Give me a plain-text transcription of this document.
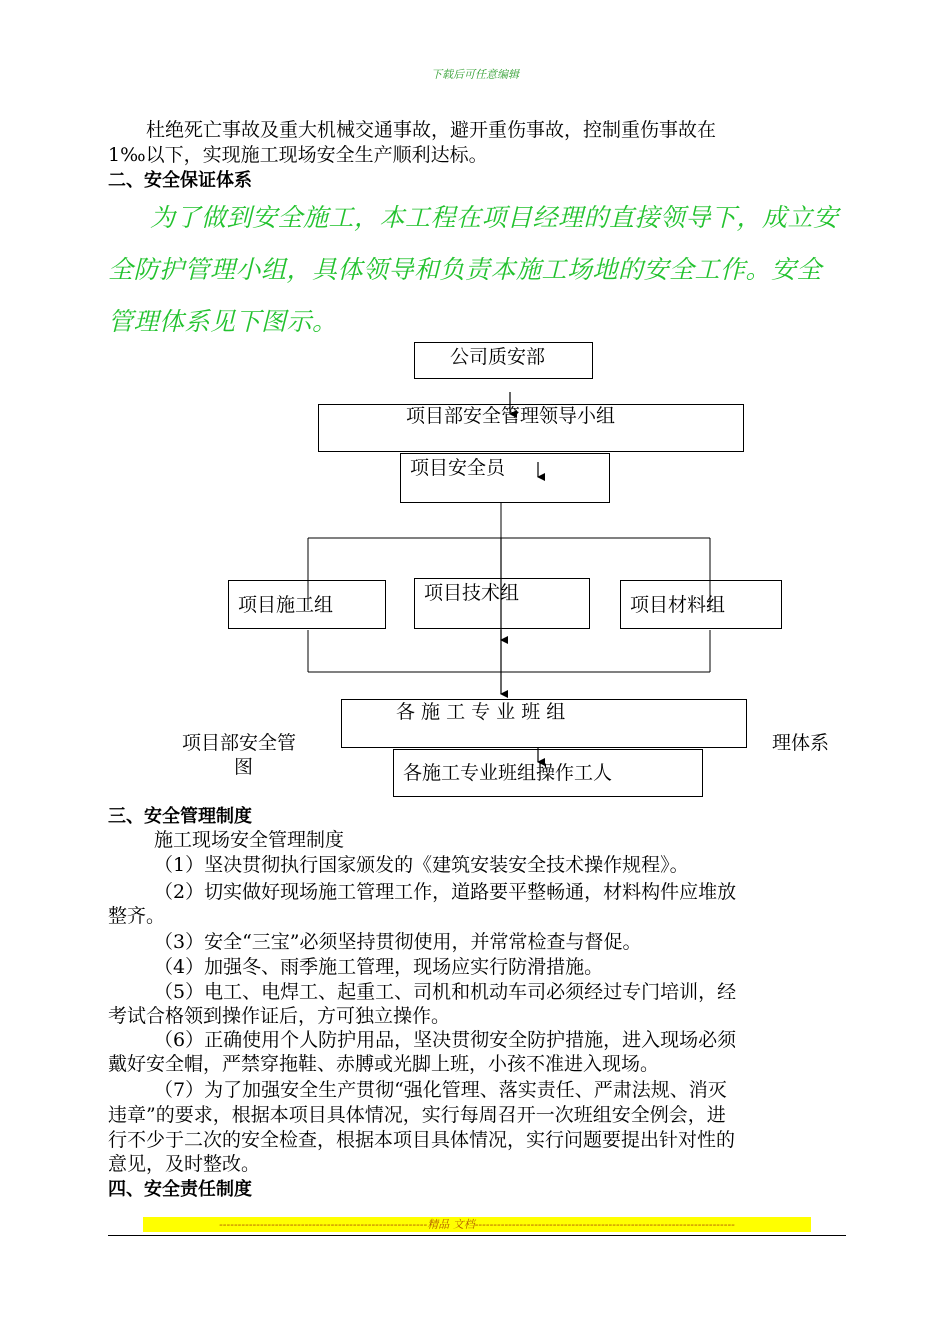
下载后可任意编辑
杜绝死亡事故及重大机械交通事故，避开重伤事故，控制重伤事故在
1‰以下，实现施工现场安全生产顺利达标。
二、安全保证体系
为了做到安全施工，本工程在项目经理的直接领导下，成立安
全防护管理小组，具体领导和负责本施工场地的安全工作。安全
管理体系见下图示。
公司质安部
项目部安全管理领导小组
项目安全员
项目施工组
项目技术组
项目材料组
各 施 工 专 业 班 组
各施工专业班组操作工人
项目部安全管
图
理体系
三、安全管理制度
施工现场安全管理制度
（1）坚决贯彻执行国家颁发的《建筑安装安全技术操作规程》。
（2）切实做好现场施工管理工作，道路要平整畅通，材料构件应堆放
整齐。
（3）安全“三宝”必须坚持贯彻使用，并常常检查与督促。
（4）加强冬、雨季施工管理，现场应实行防滑措施。
（5）电工、电焊工、起重工、司机和机动车司必须经过专门培训，经
考试合格领到操作证后，方可独立操作。
（6）正确使用个人防护用品，坚决贯彻安全防护措施，进入现场必须
戴好安全帽，严禁穿拖鞋、赤膊或光脚上班，小孩不准进入现场。
（7）为了加强安全生产贯彻“强化管理、落实责任、严肃法规、消灭
违章”的要求，根据本项目具体情况，实行每周召开一次班组安全例会，进
行不少于二次的安全检查，根据本项目具体情况，实行问题要提出针对性的
意见，及时整改。
四、安全责任制度
--------------------------------------------------------精品 文档----------------------------------------------------------------------
